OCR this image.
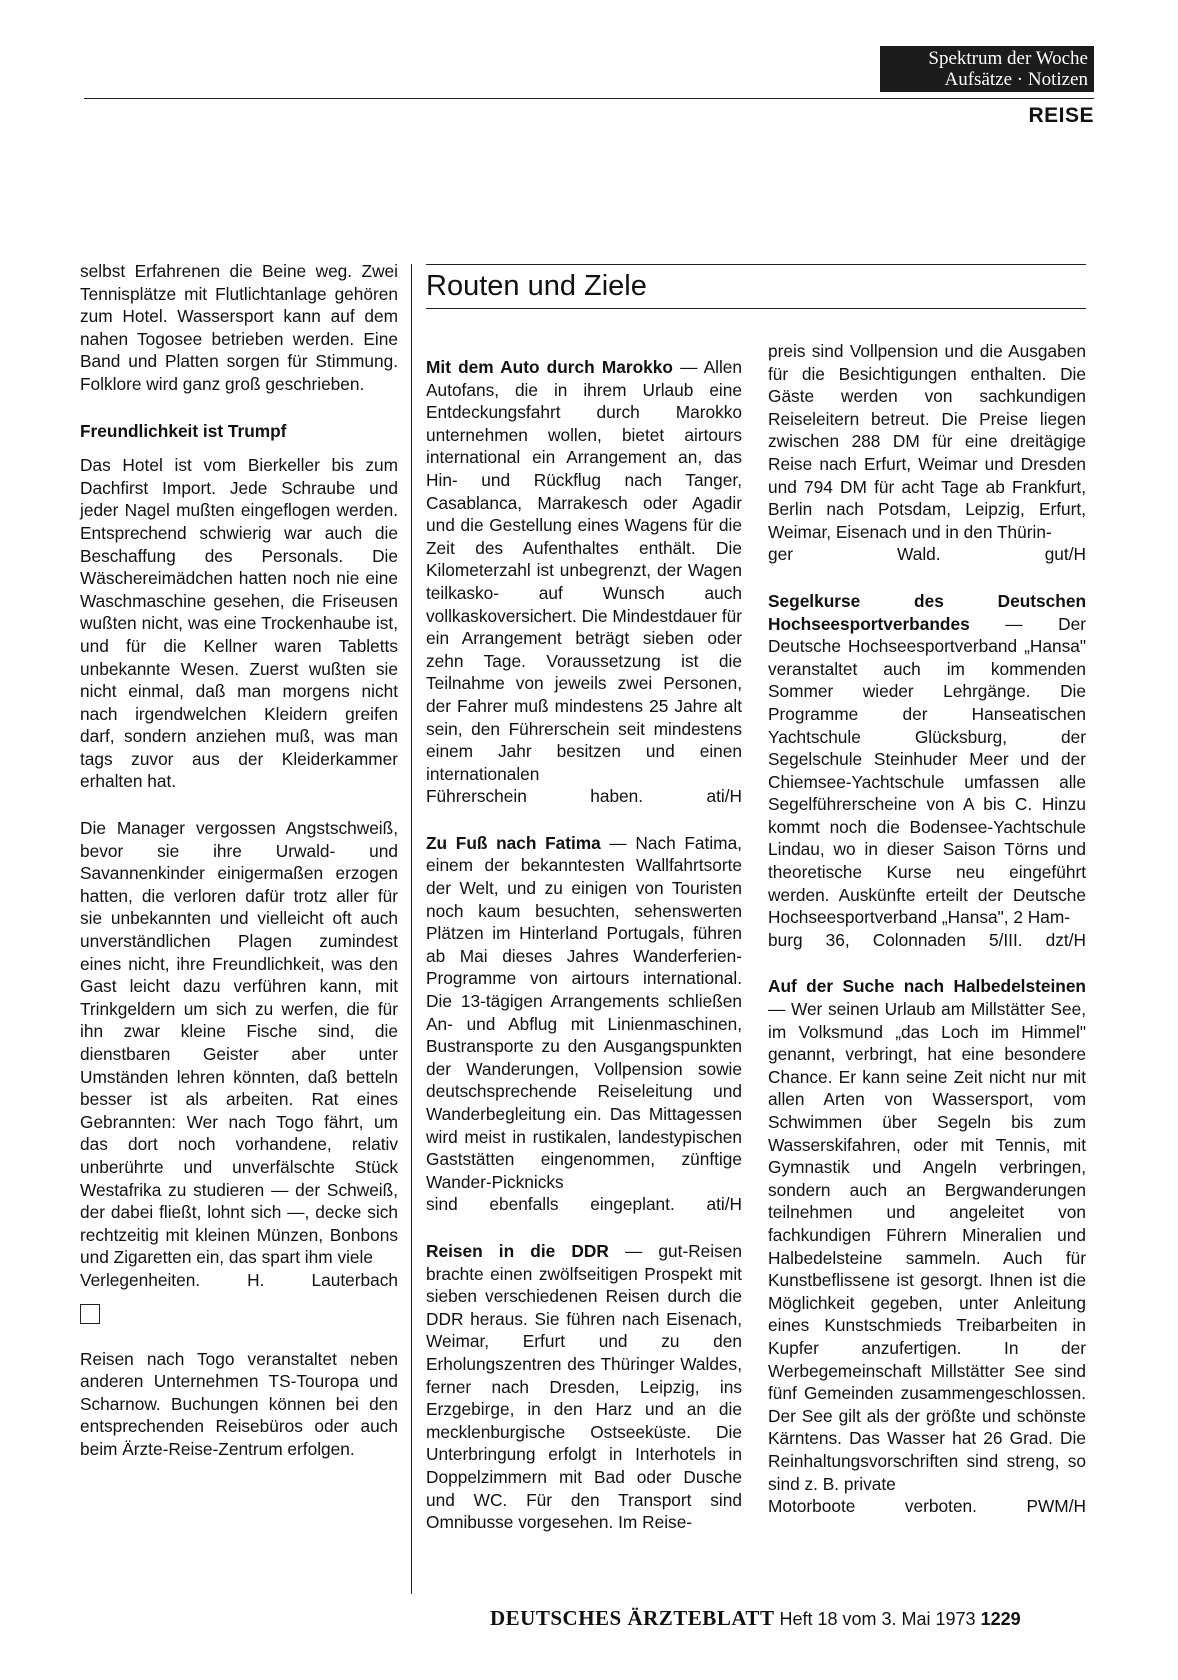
Spektrum der Woche
Aufsätze · Notizen
REISE

selbst Erfahrenen die Beine weg. Zwei Tennisplätze mit Flutlichtanlage gehören zum Hotel. Wassersport kann auf dem nahen Togosee betrieben werden. Eine Band und Platten sorgen für Stimmung. Folklore wird ganz groß geschrieben.

Freundlichkeit ist Trumpf

Das Hotel ist vom Bierkeller bis zum Dachfirst Import. Jede Schraube und jeder Nagel mußten eingeflogen werden. Entsprechend schwierig war auch die Beschaffung des Personals. Die Wäschereimädchen hatten noch nie eine Waschmaschine gesehen, die Friseusen wußten nicht, was eine Trockenhaube ist, und für die Kellner waren Tabletts unbekannte Wesen. Zuerst wußten sie nicht einmal, daß man morgens nicht nach irgendwelchen Kleidern greifen darf, sondern anziehen muß, was man tags zuvor aus der Kleiderkammer erhalten hat.

Die Manager vergossen Angstschweiß, bevor sie ihre Urwald- und Savannenkinder einigermaßen erzogen hatten, die verloren dafür trotz aller für sie unbekannten und vielleicht oft auch unverständlichen Plagen zumindest eines nicht, ihre Freundlichkeit, was den Gast leicht dazu verführen kann, mit Trinkgeldern um sich zu werfen, die für ihn zwar kleine Fische sind, die dienstbaren Geister aber unter Umständen lehren könnten, daß betteln besser ist als arbeiten. Rat eines Gebrannten: Wer nach Togo fährt, um das dort noch vorhandene, relativ unberührte und unverfälschte Stück Westafrika zu studieren — der Schweiß, der dabei fließt, lohnt sich —, decke sich rechtzeitig mit kleinen Münzen, Bonbons und Zigaretten ein, das spart ihm viele

Verlegenheiten.	H. Lauterbach

Reisen nach Togo veranstaltet neben anderen Unternehmen TS-Touropa und Scharnow. Buchungen können bei den entsprechenden Reisebüros oder auch beim Ärzte-Reise-Zentrum erfolgen.

Routen und Ziele

Mit dem Auto durch Marokko — Allen Autofans, die in ihrem Urlaub eine Entdeckungsfahrt durch Marokko unternehmen wollen, bietet airtours international ein Arrangement an, das Hin- und Rückflug nach Tanger, Casablanca, Marrakesch oder Agadir und die Gestellung eines Wagens für die Zeit des Aufenthaltes enthält. Die Kilometerzahl ist unbegrenzt, der Wagen teilkasko- auf Wunsch auch vollkaskoversichert. Die Mindestdauer für ein Arrangement beträgt sieben oder zehn Tage. Voraussetzung ist die Teilnahme von jeweils zwei Personen, der Fahrer muß mindestens 25 Jahre alt sein, den Führerschein seit mindestens einem Jahr besitzen und einen internationalen

Führerschein haben.	ati/H

Zu Fuß nach Fatima — Nach Fatima, einem der bekanntesten Wallfahrtsorte der Welt, und zu einigen von Touristen noch kaum besuchten, sehenswerten Plätzen im Hinterland Portugals, führen ab Mai dieses Jahres Wanderferien-Programme von airtours international. Die 13-tägigen Arrangements schließen An- und Abflug mit Linienmaschinen, Bustransporte zu den Ausgangspunkten der Wanderungen, Vollpension sowie deutschsprechende Reiseleitung und Wanderbegleitung ein. Das Mittagessen wird meist in rustikalen, landestypischen Gaststätten eingenommen, zünftige Wander-Picknicks

sind ebenfalls eingeplant. ati/H

Reisen in die DDR — gut-Reisen brachte einen zwölfseitigen Prospekt mit sieben verschiedenen Reisen durch die DDR heraus. Sie führen nach Eisenach, Weimar, Erfurt und zu den Erholungszentren des Thüringer Waldes, ferner nach Dresden, Leipzig, ins Erzgebirge, in den Harz und an die mecklenburgische Ostseeküste. Die Unterbringung erfolgt in Interhotels in Doppelzimmern mit Bad oder Dusche und WC. Für den Transport sind Omnibusse vorgesehen. Im Reise-

preis sind Vollpension und die Ausgaben für die Besichtigungen enthalten. Die Gäste werden von sachkundigen Reiseleitern betreut. Die Preise liegen zwischen 288 DM für eine dreitägige Reise nach Erfurt, Weimar und Dresden und 794 DM für acht Tage ab Frankfurt, Berlin nach Potsdam, Leipzig, Erfurt, Weimar, Eisenach und in den Thürin-

ger Wald.	gut/H

Segelkurse des Deutschen Hochseesportverbandes — Der Deutsche Hochseesportverband „Hansa" veranstaltet auch im kommenden Sommer wieder Lehrgänge. Die Programme der Hanseatischen Yachtschule Glücksburg, der Segelschule Steinhuder Meer und der Chiemsee-Yachtschule umfassen alle Segelführerscheine von A bis C. Hinzu kommt noch die Bodensee-Yachtschule Lindau, wo in dieser Saison Törns und theoretische Kurse neu eingeführt werden. Auskünfte erteilt der Deutsche Hochseesportverband „Hansa", 2 Ham-

burg 36, Colonnaden 5/III. dzt/H

Auf der Suche nach Halbedelsteinen — Wer seinen Urlaub am Millstätter See, im Volksmund „das Loch im Himmel" genannt, verbringt, hat eine besondere Chance. Er kann seine Zeit nicht nur mit allen Arten von Wassersport, vom Schwimmen über Segeln bis zum Wasserskifahren, oder mit Tennis, mit Gymnastik und Angeln verbringen, sondern auch an Bergwanderungen teilnehmen und angeleitet von fachkundigen Führern Mineralien und Halbedelsteine sammeln. Auch für Kunstbeflissene ist gesorgt. Ihnen ist die Möglichkeit gegeben, unter Anleitung eines Kunstschmieds Treibarbeiten in Kupfer anzufertigen. In der Werbegemeinschaft Millstätter See sind fünf Gemeinden zusammengeschlossen. Der See gilt als der größte und schönste Kärntens. Das Wasser hat 26 Grad. Die Reinhaltungsvorschriften sind streng, so sind z. B. private

Motorboote verboten.	PWM/H

DEUTSCHES ÄRZTEBLATT Heft 18 vom 3. Mai 1973 1229
